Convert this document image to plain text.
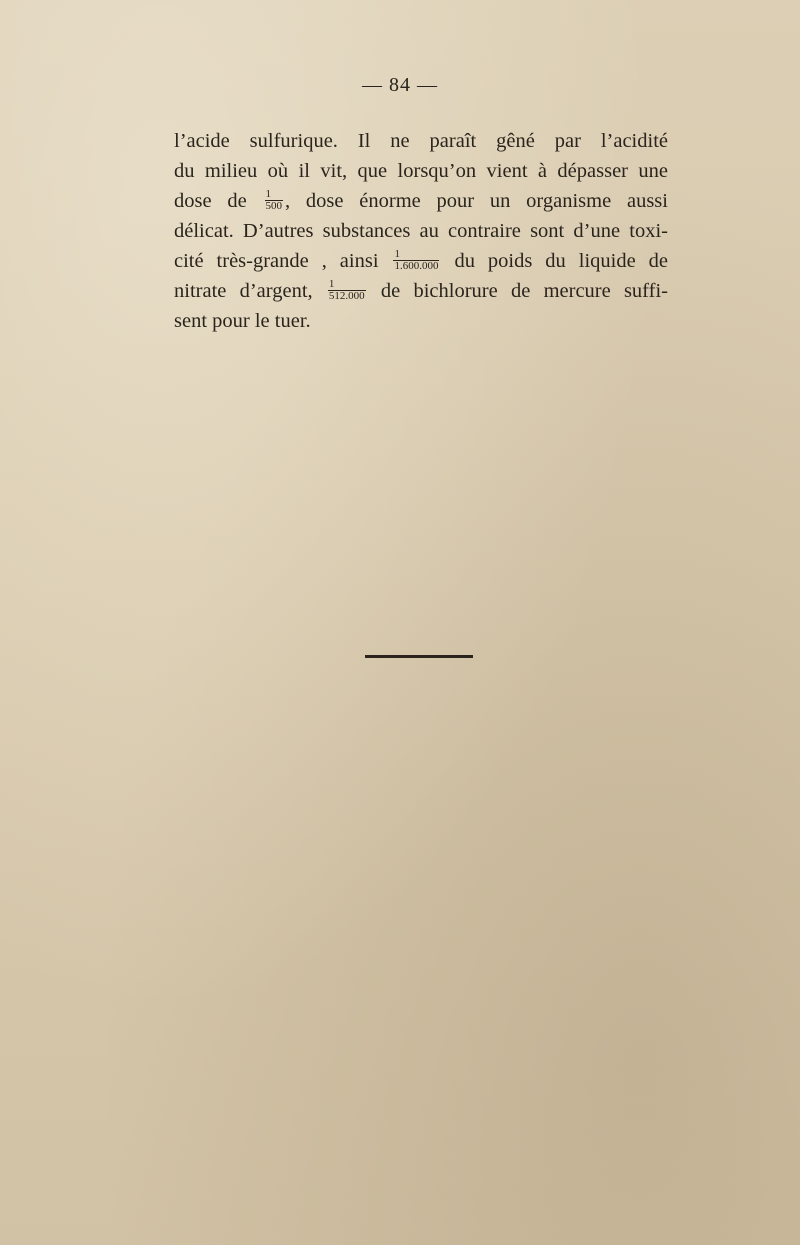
— 84 —
l’acide sulfurique. Il ne paraît gêné par l’acidité
du milieu où il vit, que lorsqu’on vient à dépasser une
dose de $\frac{1}{500}$ , dose énorme pour un organisme aussi
délicat. D’autres substances au contraire sont d’une toxi-
cité très-grande , ainsi $\frac{1}{1.600.000}$ du poids du liquide de
nitrate d’argent, $\frac{1}{512.000}$ de bichlorure de mercure suffi-
sent pour le tuer.
